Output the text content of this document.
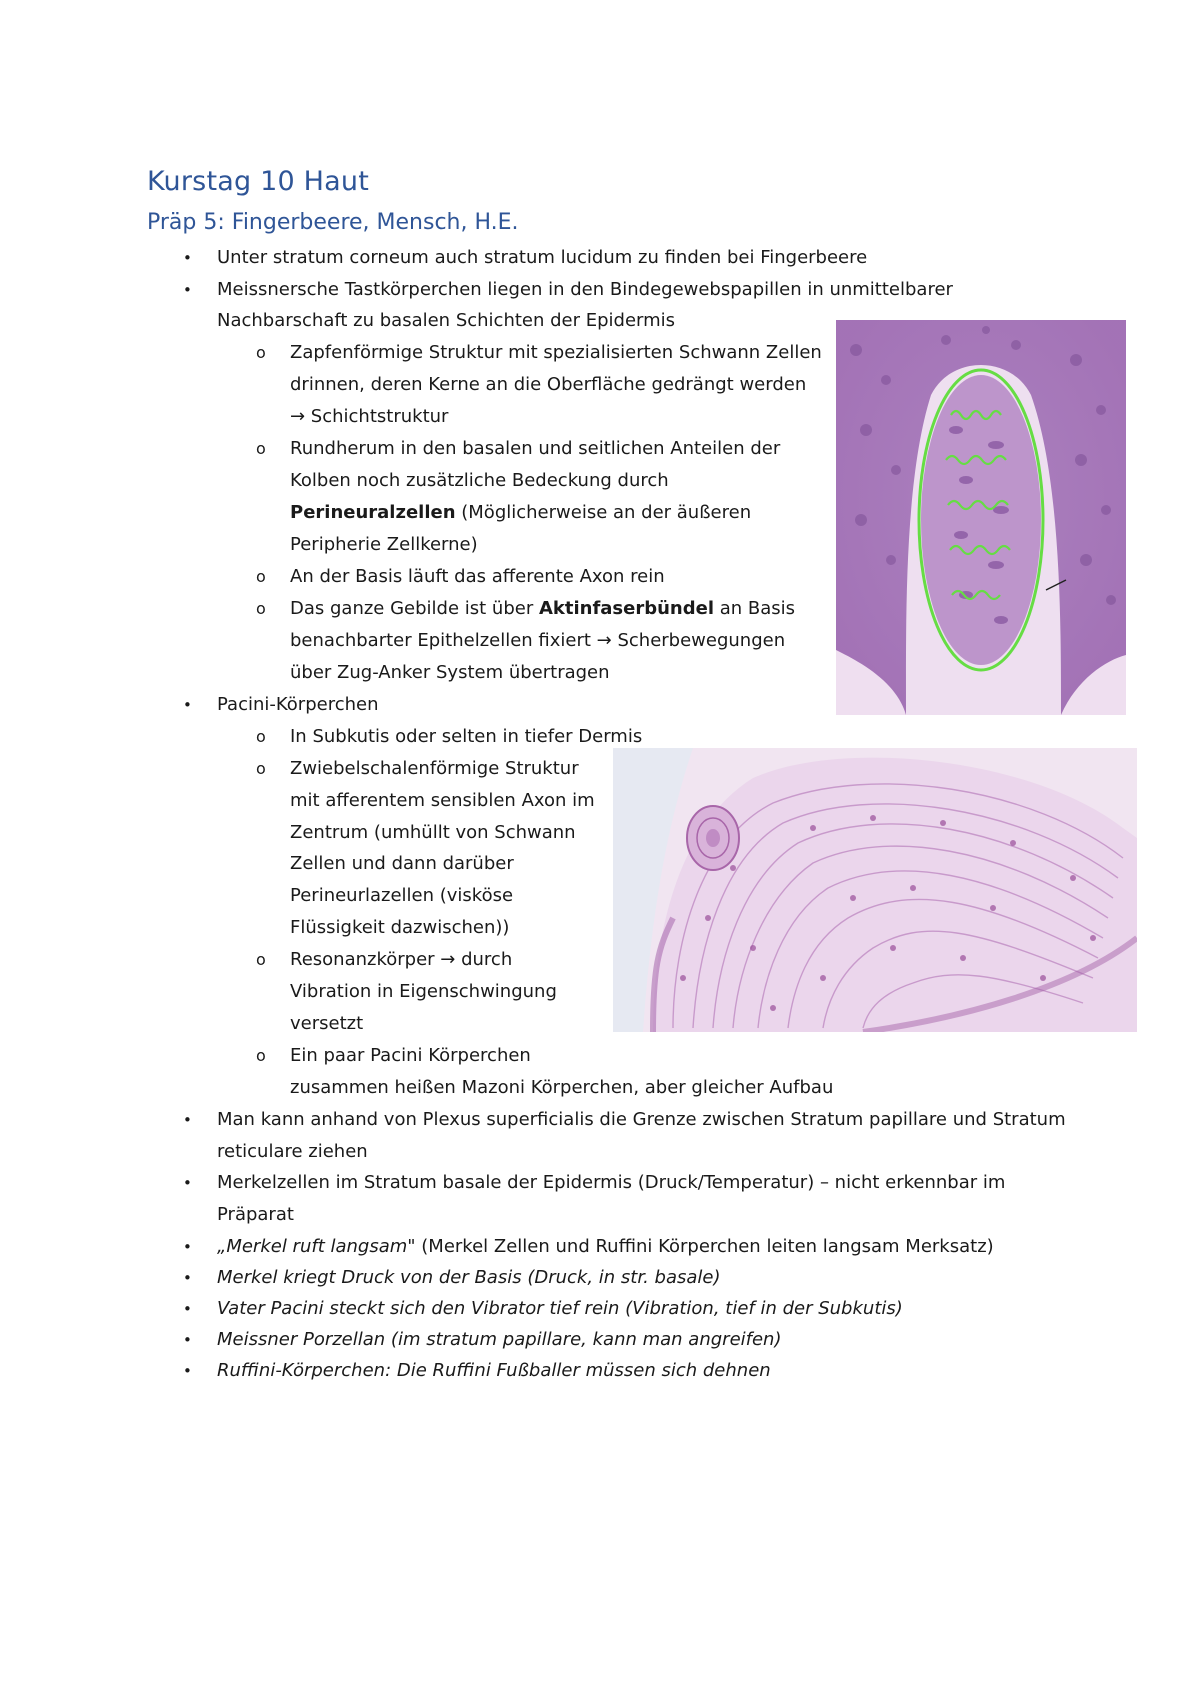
Kurstag 10 Haut
Präp 5: Fingerbeere, Mensch, H.E.
• Unter stratum corneum auch stratum lucidum zu finden bei Fingerbeere
• Meissnersche Tastkörperchen liegen in den Bindegewebspapillen in unmittelbarer
Nachbarschaft zu basalen Schichten der Epidermis
o Zapfenförmige Struktur mit spezialisierten Schwann Zellen
drinnen, deren Kerne an die Oberfläche gedrängt werden
→ Schichtstruktur
o Rundherum in den basalen und seitlichen Anteilen der
Kolben noch zusätzliche Bedeckung durch
Perineuralzellen (Möglicherweise an der äußeren
Peripherie Zellkerne)
o An der Basis läuft das afferente Axon rein
o Das ganze Gebilde ist über Aktinfaserbündel an Basis
benachbarter Epithelzellen fixiert → Scherbewegungen
über Zug-Anker System übertragen
• Pacini-Körperchen
o In Subkutis oder selten in tiefer Dermis
o Zwiebelschalenförmige Struktur
mit afferentem sensiblen Axon im
Zentrum (umhüllt von Schwann
Zellen und dann darüber
Perineurlazellen (visköse
Flüssigkeit dazwischen))
o Resonanzkörper → durch
Vibration in Eigenschwingung
versetzt
o Ein paar Pacini Körperchen
zusammen heißen Mazoni Körperchen, aber gleicher Aufbau
• Man kann anhand von Plexus superficialis die Grenze zwischen Stratum papillare und Stratum
reticulare ziehen
• Merkelzellen im Stratum basale der Epidermis (Druck/Temperatur) – nicht erkennbar im
Präparat
• „Merkel ruft langsam" (Merkel Zellen und Ruffini Körperchen leiten langsam Merksatz)
• Merkel kriegt Druck von der Basis (Druck, in str. basale)
• Vater Pacini steckt sich den Vibrator tief rein (Vibration, tief in der Subkutis)
• Meissner Porzellan (im stratum papillare, kann man angreifen)
• Ruffini-Körperchen: Die Ruffini Fußballer müssen sich dehnen
